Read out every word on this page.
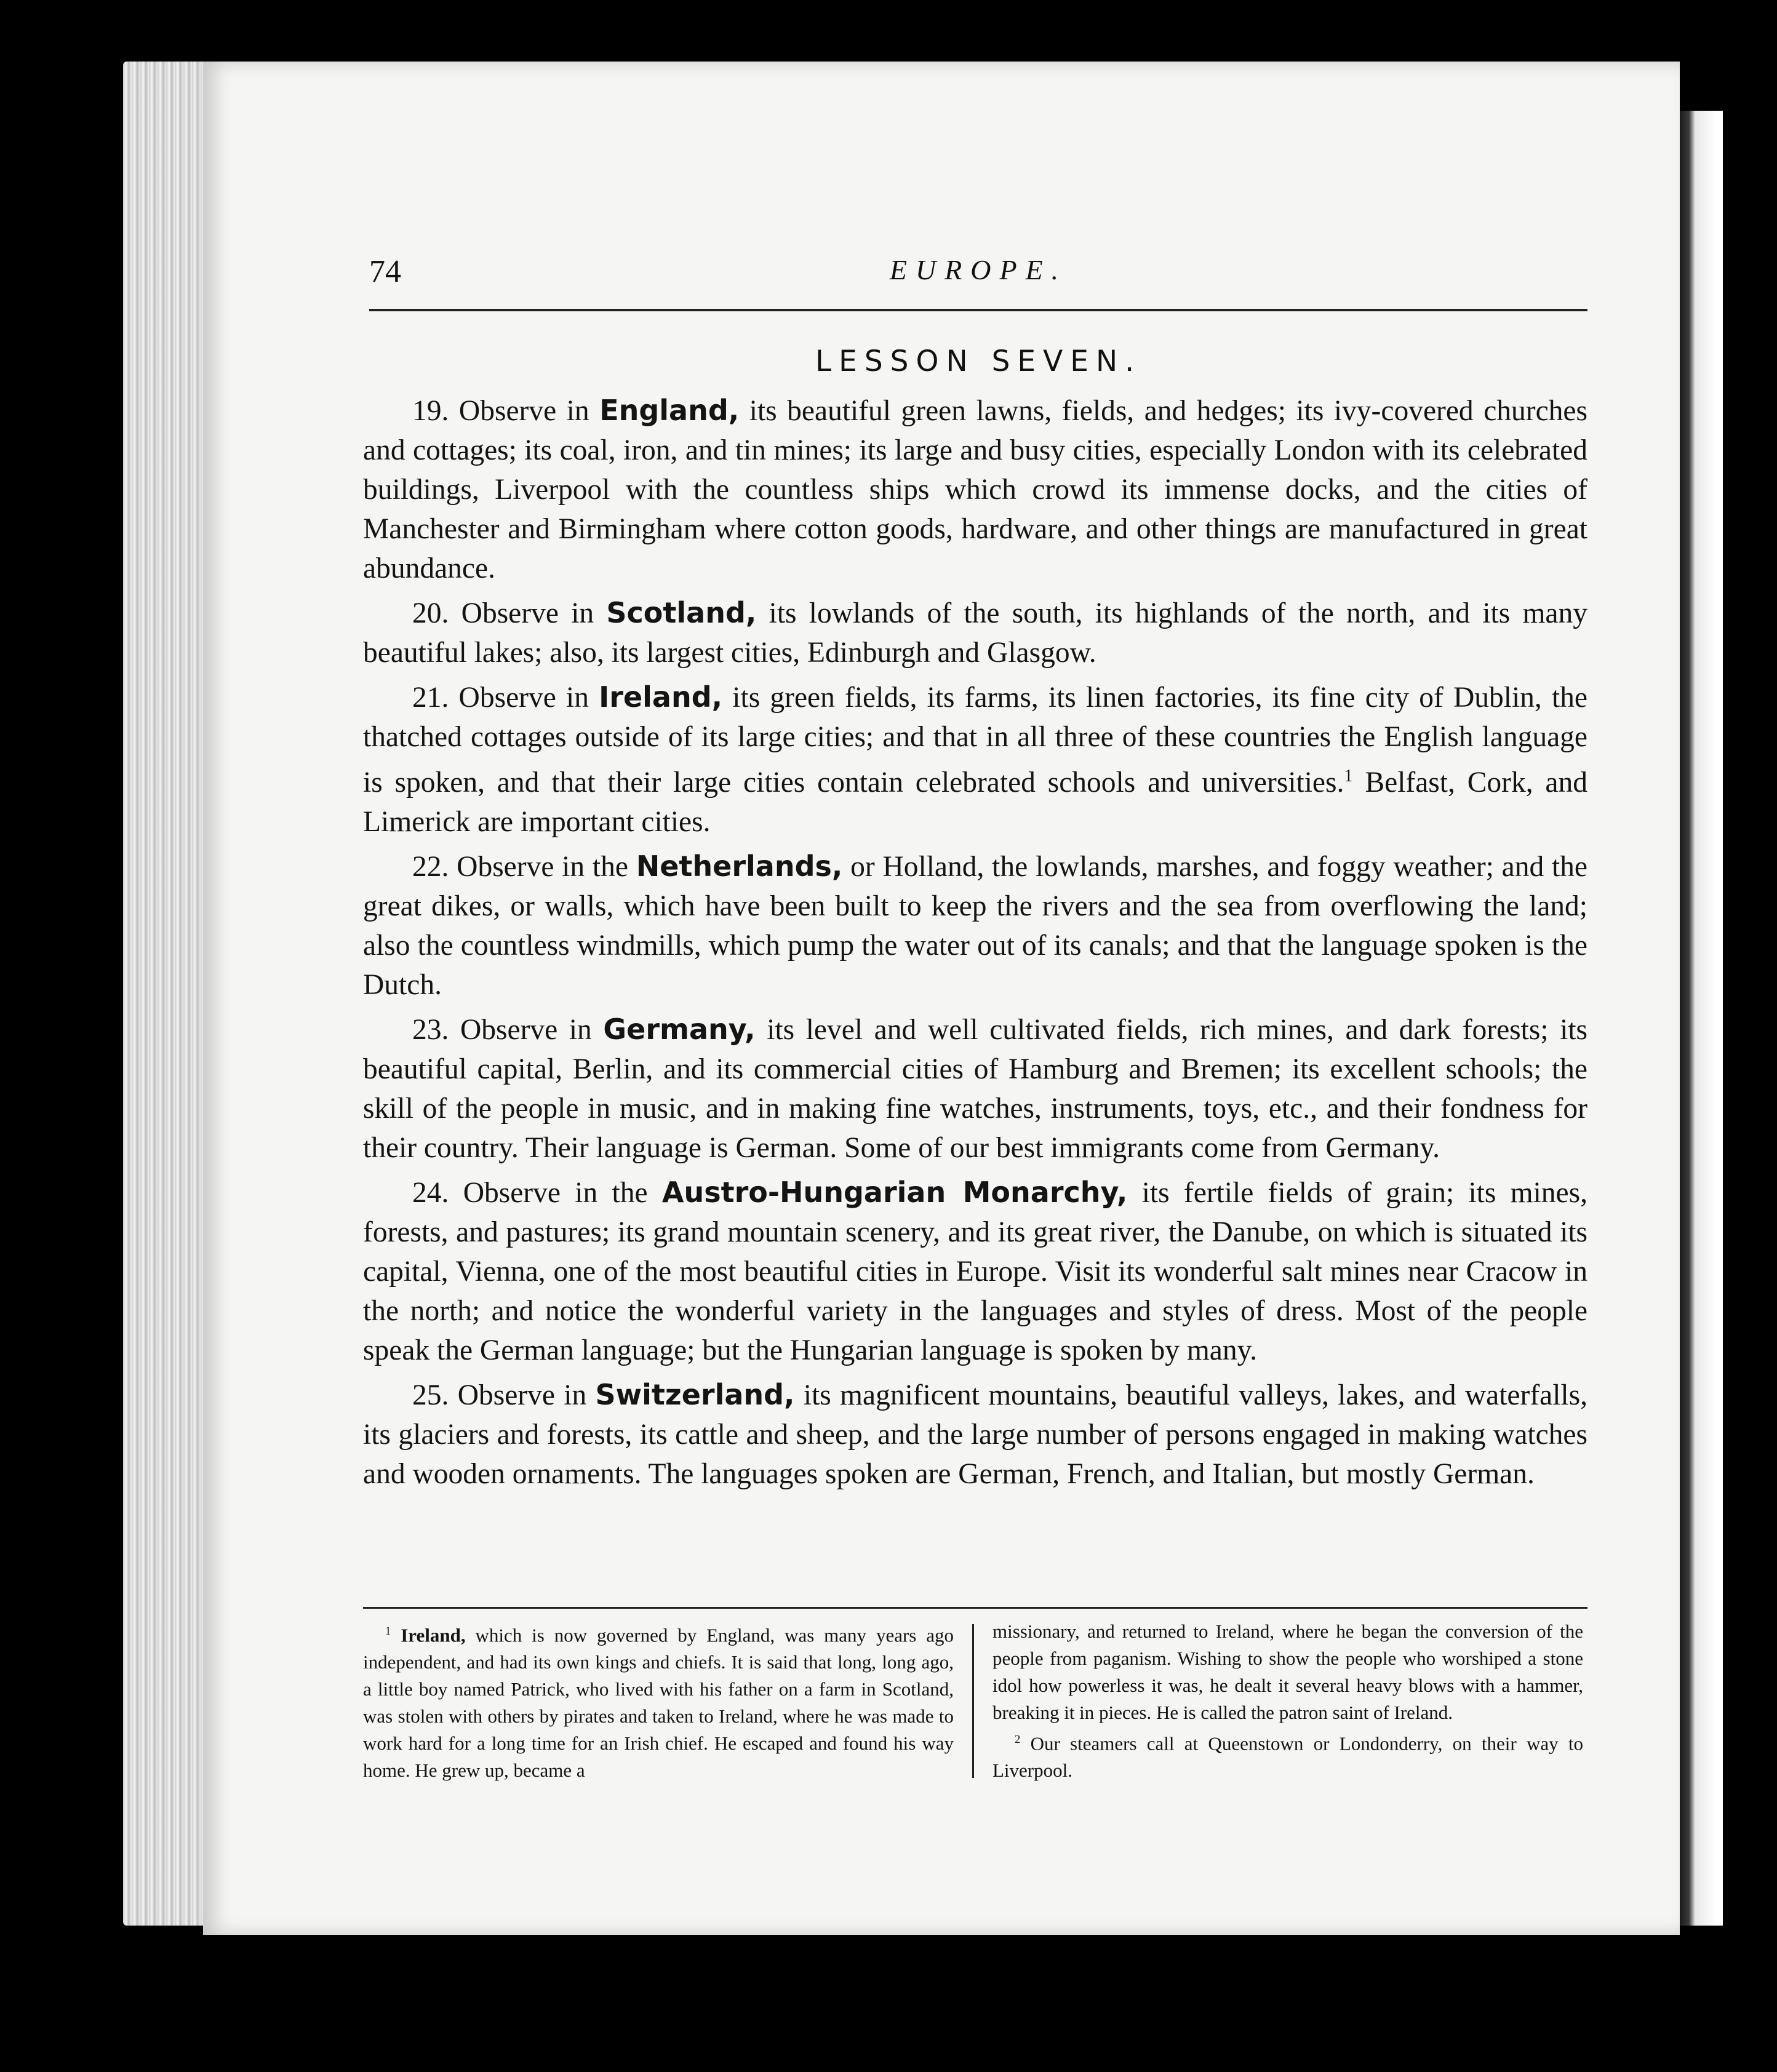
74	EUROPE.
LESSON SEVEN.

19. Observe in England, its beautiful green lawns, fields, and hedges; its ivy-covered churches and cottages; its coal, iron, and tin mines; its large and busy cities, especially London with its celebrated buildings, Liverpool with the countless ships which crowd its immense docks, and the cities of Manchester and Birmingham where cotton goods, hardware, and other things are manufactured in great abundance.

20. Observe in Scotland, its lowlands of the south, its highlands of the north, and its many beautiful lakes; also, its largest cities, Edinburgh and Glasgow.

21. Observe in Ireland, its green fields, its farms, its linen factories, its fine city of Dublin, the thatched cottages outside of its large cities; and that in all three of these countries the English language is spoken, and that their large cities contain celebrated schools and universities.$^1$ Belfast, Cork, and Limerick are important cities.

22. Observe in the Netherlands, or Holland, the lowlands, marshes, and foggy weather; and the great dikes, or walls, which have been built to keep the rivers and the sea from overflowing the land; also the countless windmills, which pump the water out of its canals; and that the language spoken is the Dutch.

23. Observe in Germany, its level and well cultivated fields, rich mines, and dark forests; its beautiful capital, Berlin, and its commercial cities of Hamburg and Bremen; its excellent schools; the skill of the people in music, and in making fine watches, instruments, toys, etc., and their fondness for their country. Their language is German. Some of our best immigrants come from Germany.

24. Observe in the Austro-Hungarian Monarchy, its fertile fields of grain; its mines, forests, and pastures; its grand mountain scenery, and its great river, the Danube, on which is situated its capital, Vienna, one of the most beautiful cities in Europe. Visit its wonderful salt mines near Cracow in the north; and notice the wonderful variety in the languages and styles of dress. Most of the people speak the German language; but the Hungarian language is spoken by many.

25. Observe in Switzerland, its magnificent mountains, beautiful valleys, lakes, and waterfalls, its glaciers and forests, its cattle and sheep, and the large number of persons engaged in making watches and wooden ornaments. The languages spoken are German, French, and Italian, but mostly German.

$^1$ Ireland, which is now governed by England, was many years ago independent, and had its own kings and chiefs. It is said that long, long ago, a little boy named Patrick, who lived with his father on a farm in Scotland, was stolen with others by pirates and taken to Ireland, where he was made to work hard for a long time for an Irish chief. He escaped and found his way home. He grew up, became a
missionary, and returned to Ireland, where he began the conversion of the people from paganism. Wishing to show the people who worshiped a stone idol how powerless it was, he dealt it several heavy blows with a hammer, breaking it in pieces. He is called the patron saint of Ireland.
$^2$ Our steamers call at Queenstown or Londonderry, on their way to Liverpool.
